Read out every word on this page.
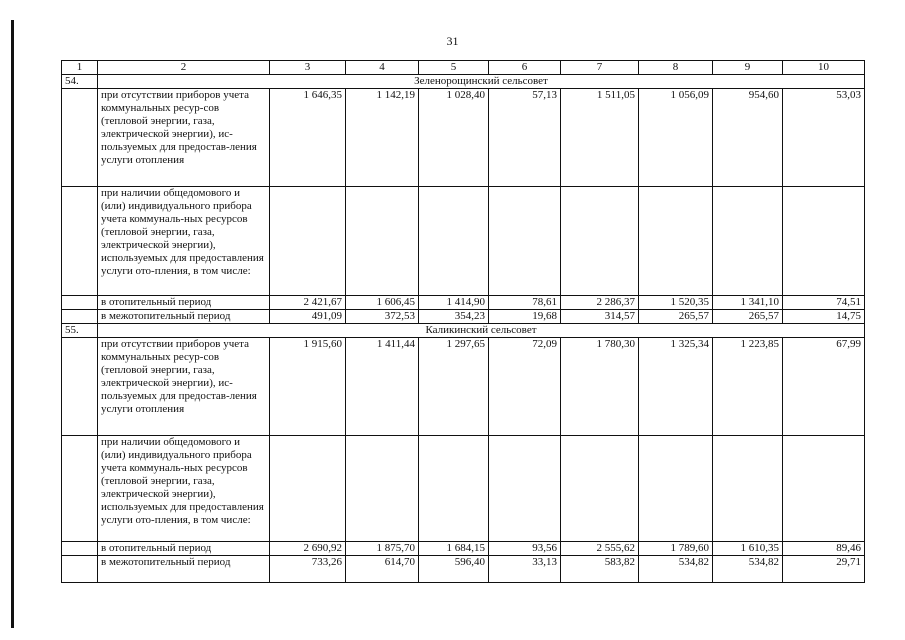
31
1	2	3	4	5	6	7	8	9	10
54.	Зеленорощинский сельсовет								
	при отсутствии приборов учета коммунальных ресур-сов (тепловой энергии, газа, электрической энергии), ис-пользуемых для предостав-ления услуги отопления	1 646,35	1 142,19	1 028,40	57,13	1 511,05	1 056,09	954,60	53,03
	при наличии общедомового и (или) индивидуального прибора учета коммуналь-ных ресурсов (тепловой энергии, газа, электрической энергии), используемых для предоставления услуги ото-пления, в том числе:								
	в отопительный период	2 421,67	1 606,45	1 414,90	78,61	2 286,37	1 520,35	1 341,10	74,51
	в межотопительный период	491,09	372,53	354,23	19,68	314,57	265,57	265,57	14,75
55.	Каликинский сельсовет								
	при отсутствии приборов учета коммунальных ресур-сов (тепловой энергии, газа, электрической энергии), ис-пользуемых для предостав-ления услуги отопления	1 915,60	1 411,44	1 297,65	72,09	1 780,30	1 325,34	1 223,85	67,99
	при наличии общедомового и (или) индивидуального прибора учета коммуналь-ных ресурсов (тепловой энергии, газа, электрической энергии), используемых для предоставления услуги ото-пления, в том числе:								
	в отопительный период	2 690,92	1 875,70	1 684,15	93,56	2 555,62	1 789,60	1 610,35	89,46
	в межотопительный период	733,26	614,70	596,40	33,13	583,82	534,82	534,82	29,71
